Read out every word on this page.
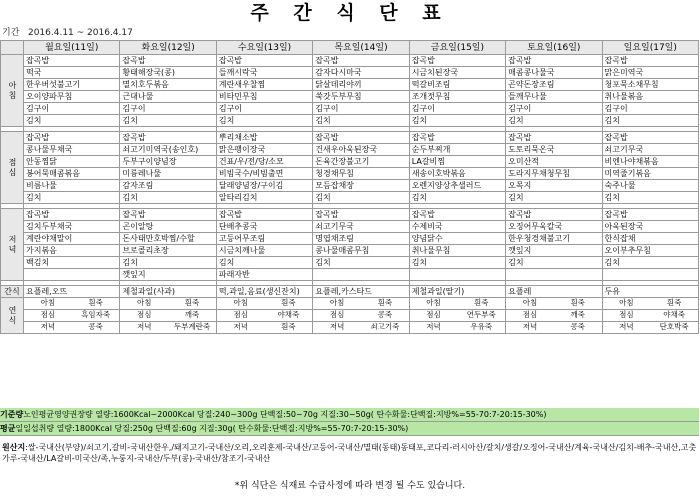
주 간 식 단 표
기간   2016.4.11 ~ 2016.4.17
	월요일(11일)	화요일(12일)	수요일(13일)	목요일(14일)	금요일(15일)	토요일(16일)	일요일(17일)
아침	잡곡밥	잡곡밥	잡곡밥	잡곡밥	잡곡밥	잡곡밥	잡곡밥
	떡국	황태해장국(콩)	들깨시락국	감자다시마국	시금치된장국	매콤콩나물국	맑은미역국
	한우버섯불고기	멸치호두볶음	계란새우찰찜	닭살데리야끼	떡갈비조림	곤약돈장조림	청포묵소채무침
	오이양파무침	근대나물	비타민무침	쑥갓두부무침	조개젓무침	들깨무나물	취나물볶음
	김구이	김구이	김구이	김구이	김구이	김구이	김구이
	김치	김치	김치	김치	김치	김치	김치

점심	잡곡밥	잡곡밥	뿌리채소밥	잡곡밥	잡곡밥	잡곡밥	잡곡밥
	콩나물무채국	쇠고기미역국(송인호)	맑은팽이장국	건새우아욱된장국	순두부찌개	도토리묵온국	쇠고기무국
	안동찜닭	두부구이양념장	건표/우/전/당/소모	돈육간장불고기	LA갈비찜	오미산적	비엔나야채볶음
	봉어묵매콤볶음	미륭레나물	비빔국수/비빔출면	청경채무침	새송이호박볶음	도라지무채청무침	미역줄기볶음
	비름나물	감자조림	달래양념장/구이김	모듬잡채장	오렌지양상추샐러드	오목지	숙주나물
	김치	김치	알타리김치	김치	김치	김치	김치

저녁	잡곡밥	잡곡밥	잡곡밥	잡곡밥	잡곡밥	잡곡밥	잡곡밥
	김치두부채국	곤이알탕	단배추콩국	쇠고기무국	수제비국	오징어무욱칼국	아욱된장국
	계란야채말이	돈사태만호박찜/수할	고등어무조림	명엽채조림	양념닭수	한우청경채불고기	한식잡채
	가지볶음	브로콜리초장	시금치깨나물	콩나물매콤무침	취나물무침	깻잎지	오이부추무침
	백김치	김치	김치	김치	김치	김치	김치
		깻잎지	파래자반				

간식	요플레,오뜨	제철과일(사과)	떡,과일,음료(생신잔치)	요플레,카스타드	제철과일(딸기)	요플레	두유
연식	아침 흰죽	아침 흰죽	아침 흰죽	아침 흰죽	아침 흰죽	아침 흰죽	아침 흰죽

	점심 흑임자죽	점심 깨죽	점심 야채죽	점심 콩죽	점심 연두부죽	점심 깨죽	점심 야채죽

	저녁 콩죽	저녁 두부계란죽	저녁 흰죽	저녁 쇠고기죽	저녁 우유죽	저녁 콩죽	저녁 단호박죽
기준량노인평균영양권장량 열량:1600Kcal~2000Kcal 당질:240~300g 단백질:50~70g 지질:30~50g( 탄수화물:단백질:지방%=55-70:7-20:15-30%)
평균일일섭취량 열량:1800Kcal 당질:250g 단백질:60g 지질:30g( 탄수화물:단백질:지방%=55-70:7-20:15-30%)
원산지:쌀-국내산(부양)/쇠고기,갈비-국내산한우,/돼지고기-국내산/오리,오리훈제-국내산/고등어-국내산/멸태(동태)동태포,코다리-러시아산/갈치/생갈/오징어-국내산/계육-국내산/김치-배추-국내산,고춧가루-국내산/LA갈비-미국산/족,누룽지-국내산/두부(콩)-국내산/참조기-국내산
*위 식단은 식재료 수급사정에 따라 변경 될 수도 있습니다.
